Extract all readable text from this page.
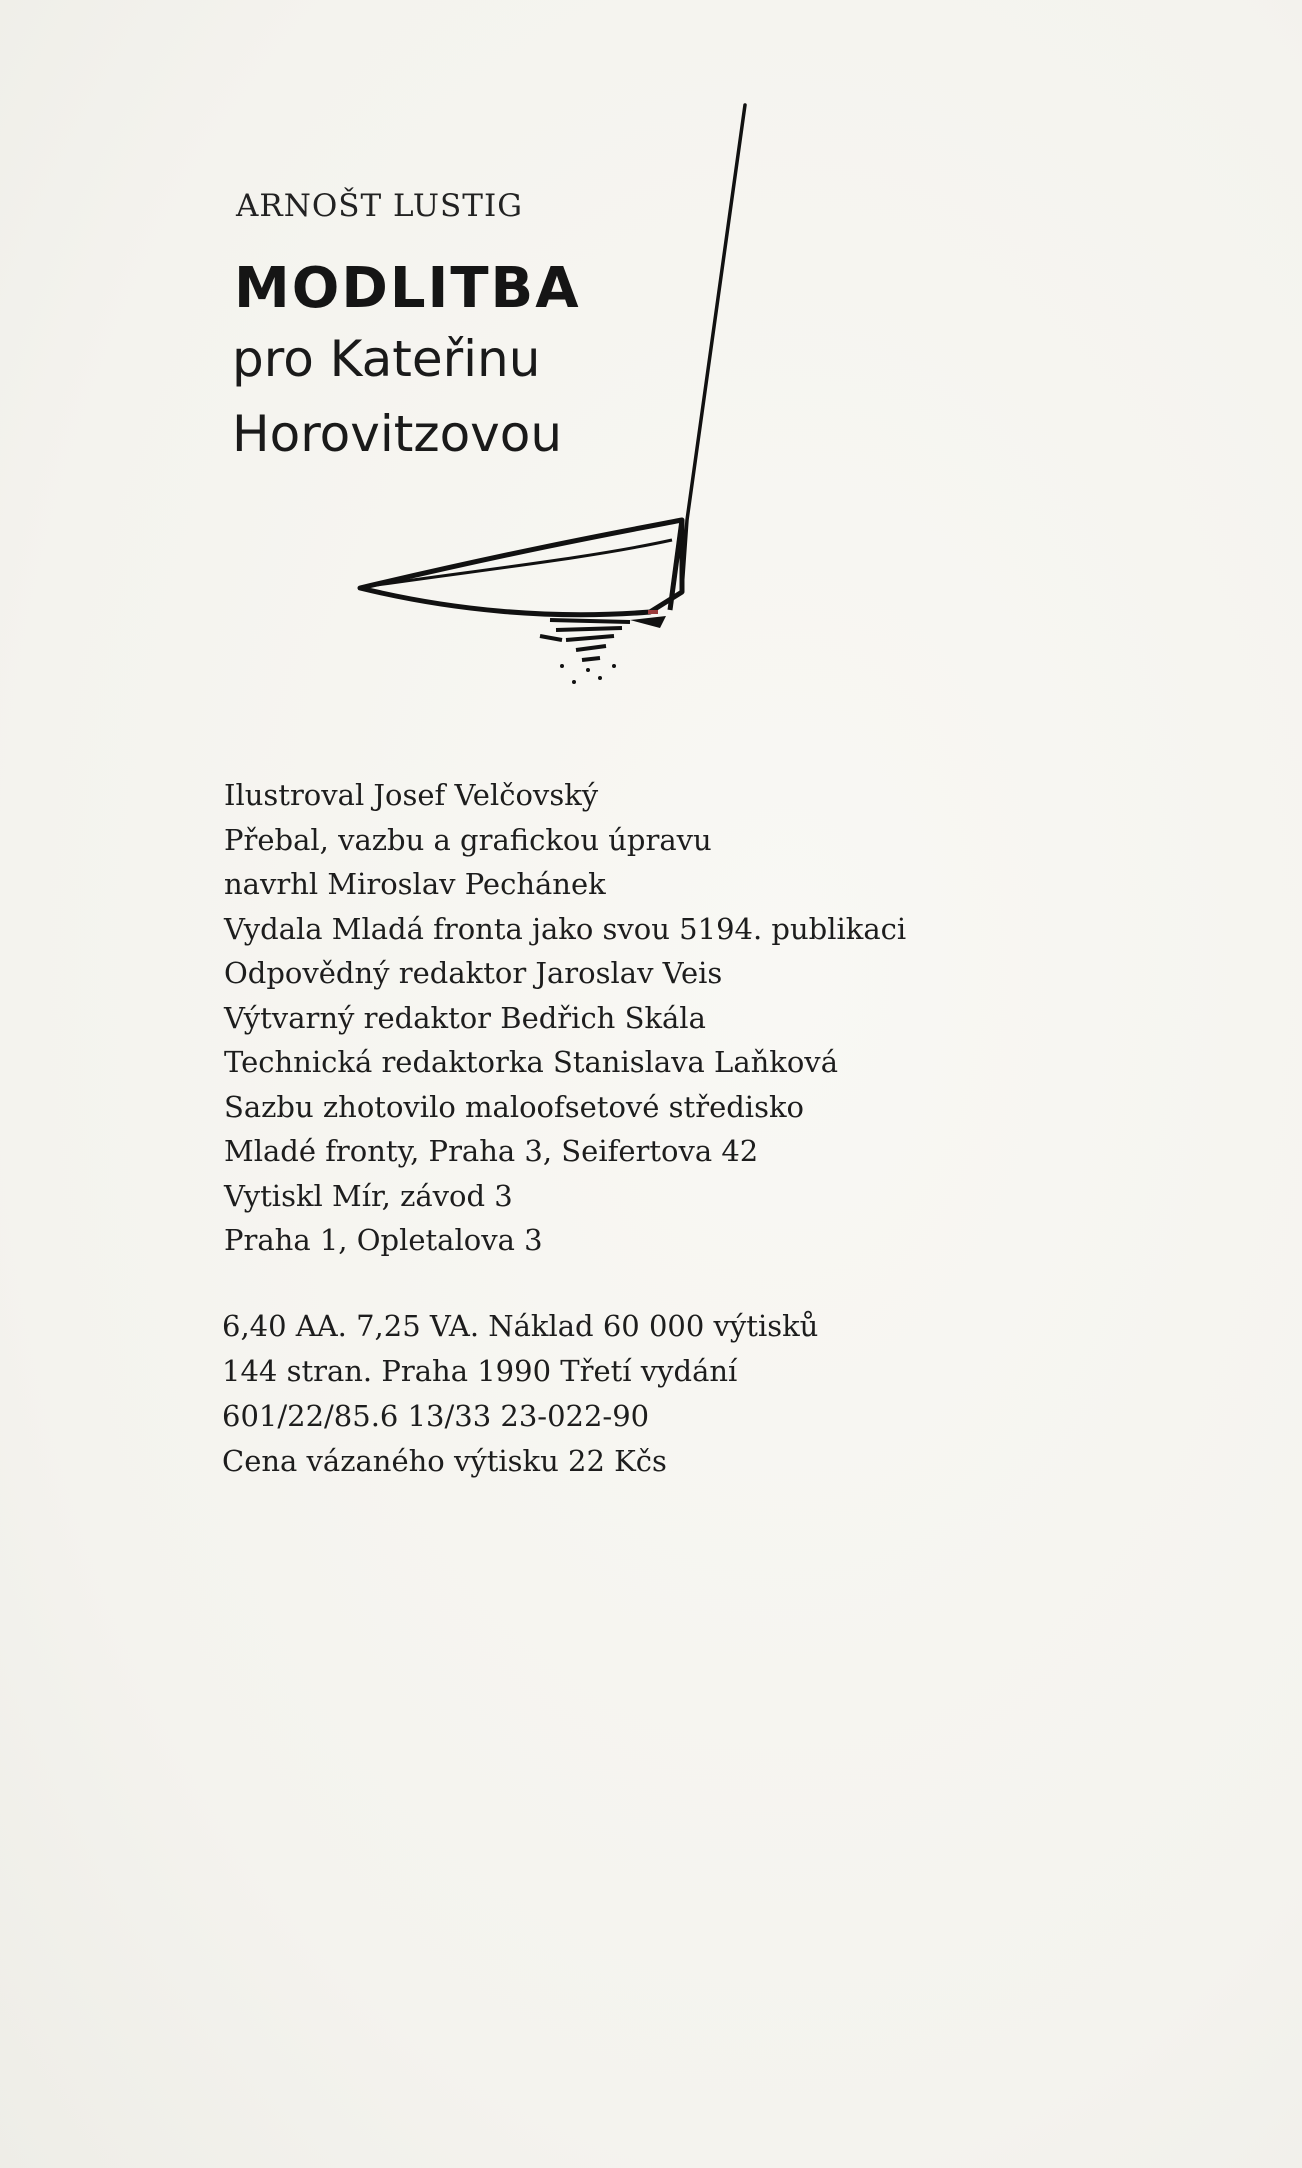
ARNOŠT LUSTIG
MODLITBA
pro Kateřinu
Horovitzovou
Ilustroval Josef Velčovský
Přebal, vazbu a grafickou úpravu
navrhl Miroslav Pechánek
Vydala Mladá fronta jako svou 5194. publikaci
Odpovědný redaktor Jaroslav Veis
Výtvarný redaktor Bedřich Skála
Technická redaktorka Stanislava Laňková
Sazbu zhotovilo maloofsetové středisko
Mladé fronty, Praha 3, Seifertova 42
Vytiskl Mír, závod 3
Praha 1, Opletalova 3
6,40 AA. 7,25 VA. Náklad 60 000 výtisků
144 stran. Praha 1990 Třetí vydání
601/22/85.6 13/33 23-022-90
Cena vázaného výtisku 22 Kčs
